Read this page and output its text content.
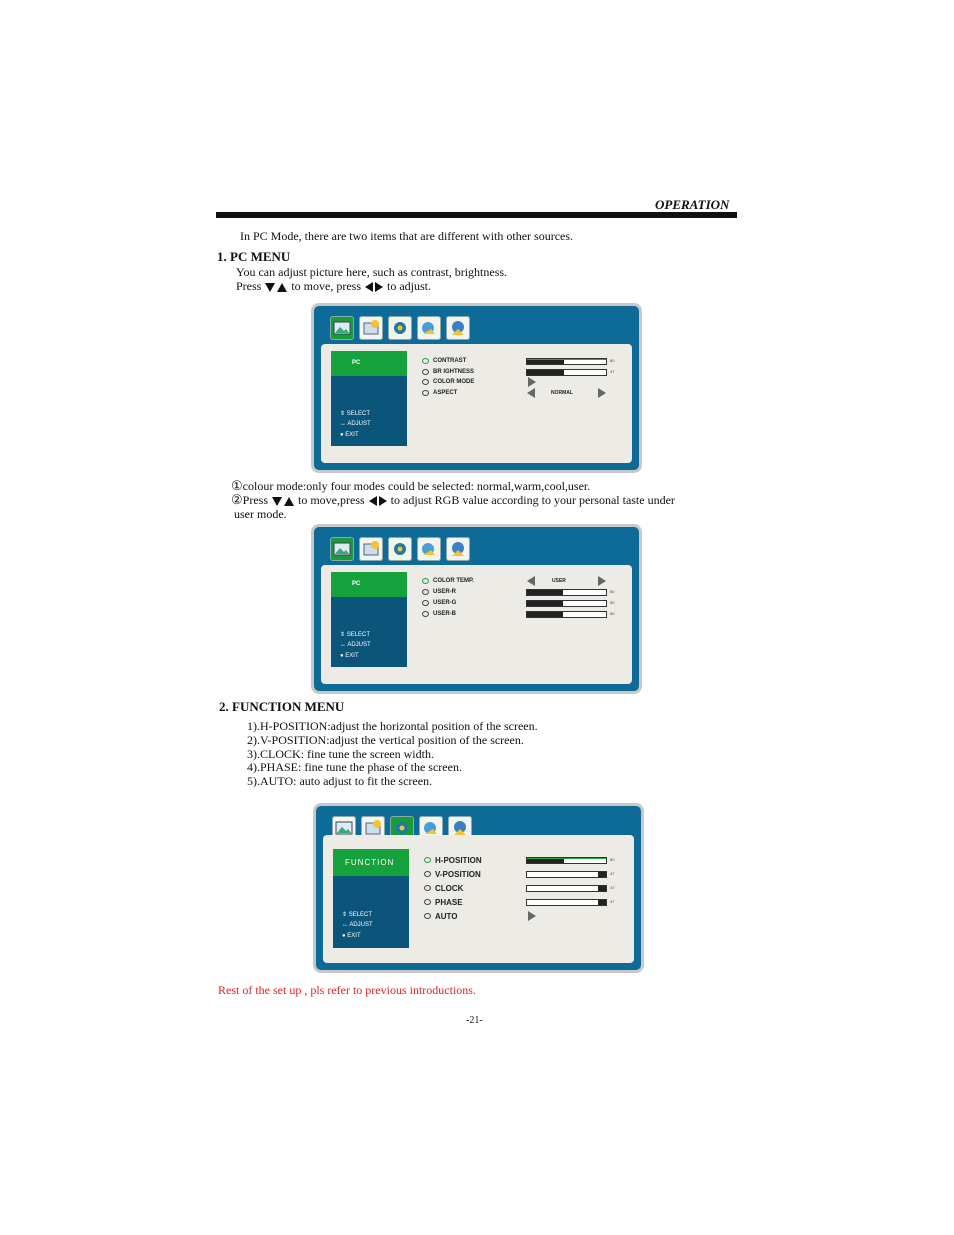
OPERATION
In PC Mode, there are two items that are different with other sources.
1. PC MENU
You can adjust picture here, such as contrast, brightness.
Press	to move, press  to adjust.
PC
⇕ SELECT
↔ ADJUST
● EXIT
CONTRAST
BR IGHTNESS
COLOR MODE
ASPECT
60
47
NORMAL
①colour mode:only four modes could be selected: normal,warm,cool,user.
②Press	to move,press  to adjust RGB value according to your personal taste under
user mode.
PC
⇕ SELECT
↔ ADJUST
● EXIT
COLOR TEMP.
USER-R
USER-G
USER-B
USER
50
50
50
2. FUNCTION MENU
1).H-POSITION:adjust the horizontal position of the screen.
2).V-POSITION:adjust the vertical position of the screen.
3).CLOCK: fine tune the screen width.
4).PHASE: fine tune the phase of the screen.
5).AUTO: auto adjust to fit the screen.
FUNCTION
⇕ SELECT
↔ ADJUST
● EXIT
H-POSITION
V-POSITION
CLOCK
PHASE
AUTO
60
47
47
47
Rest of the set up , pls refer to previous introductions.
-21-
